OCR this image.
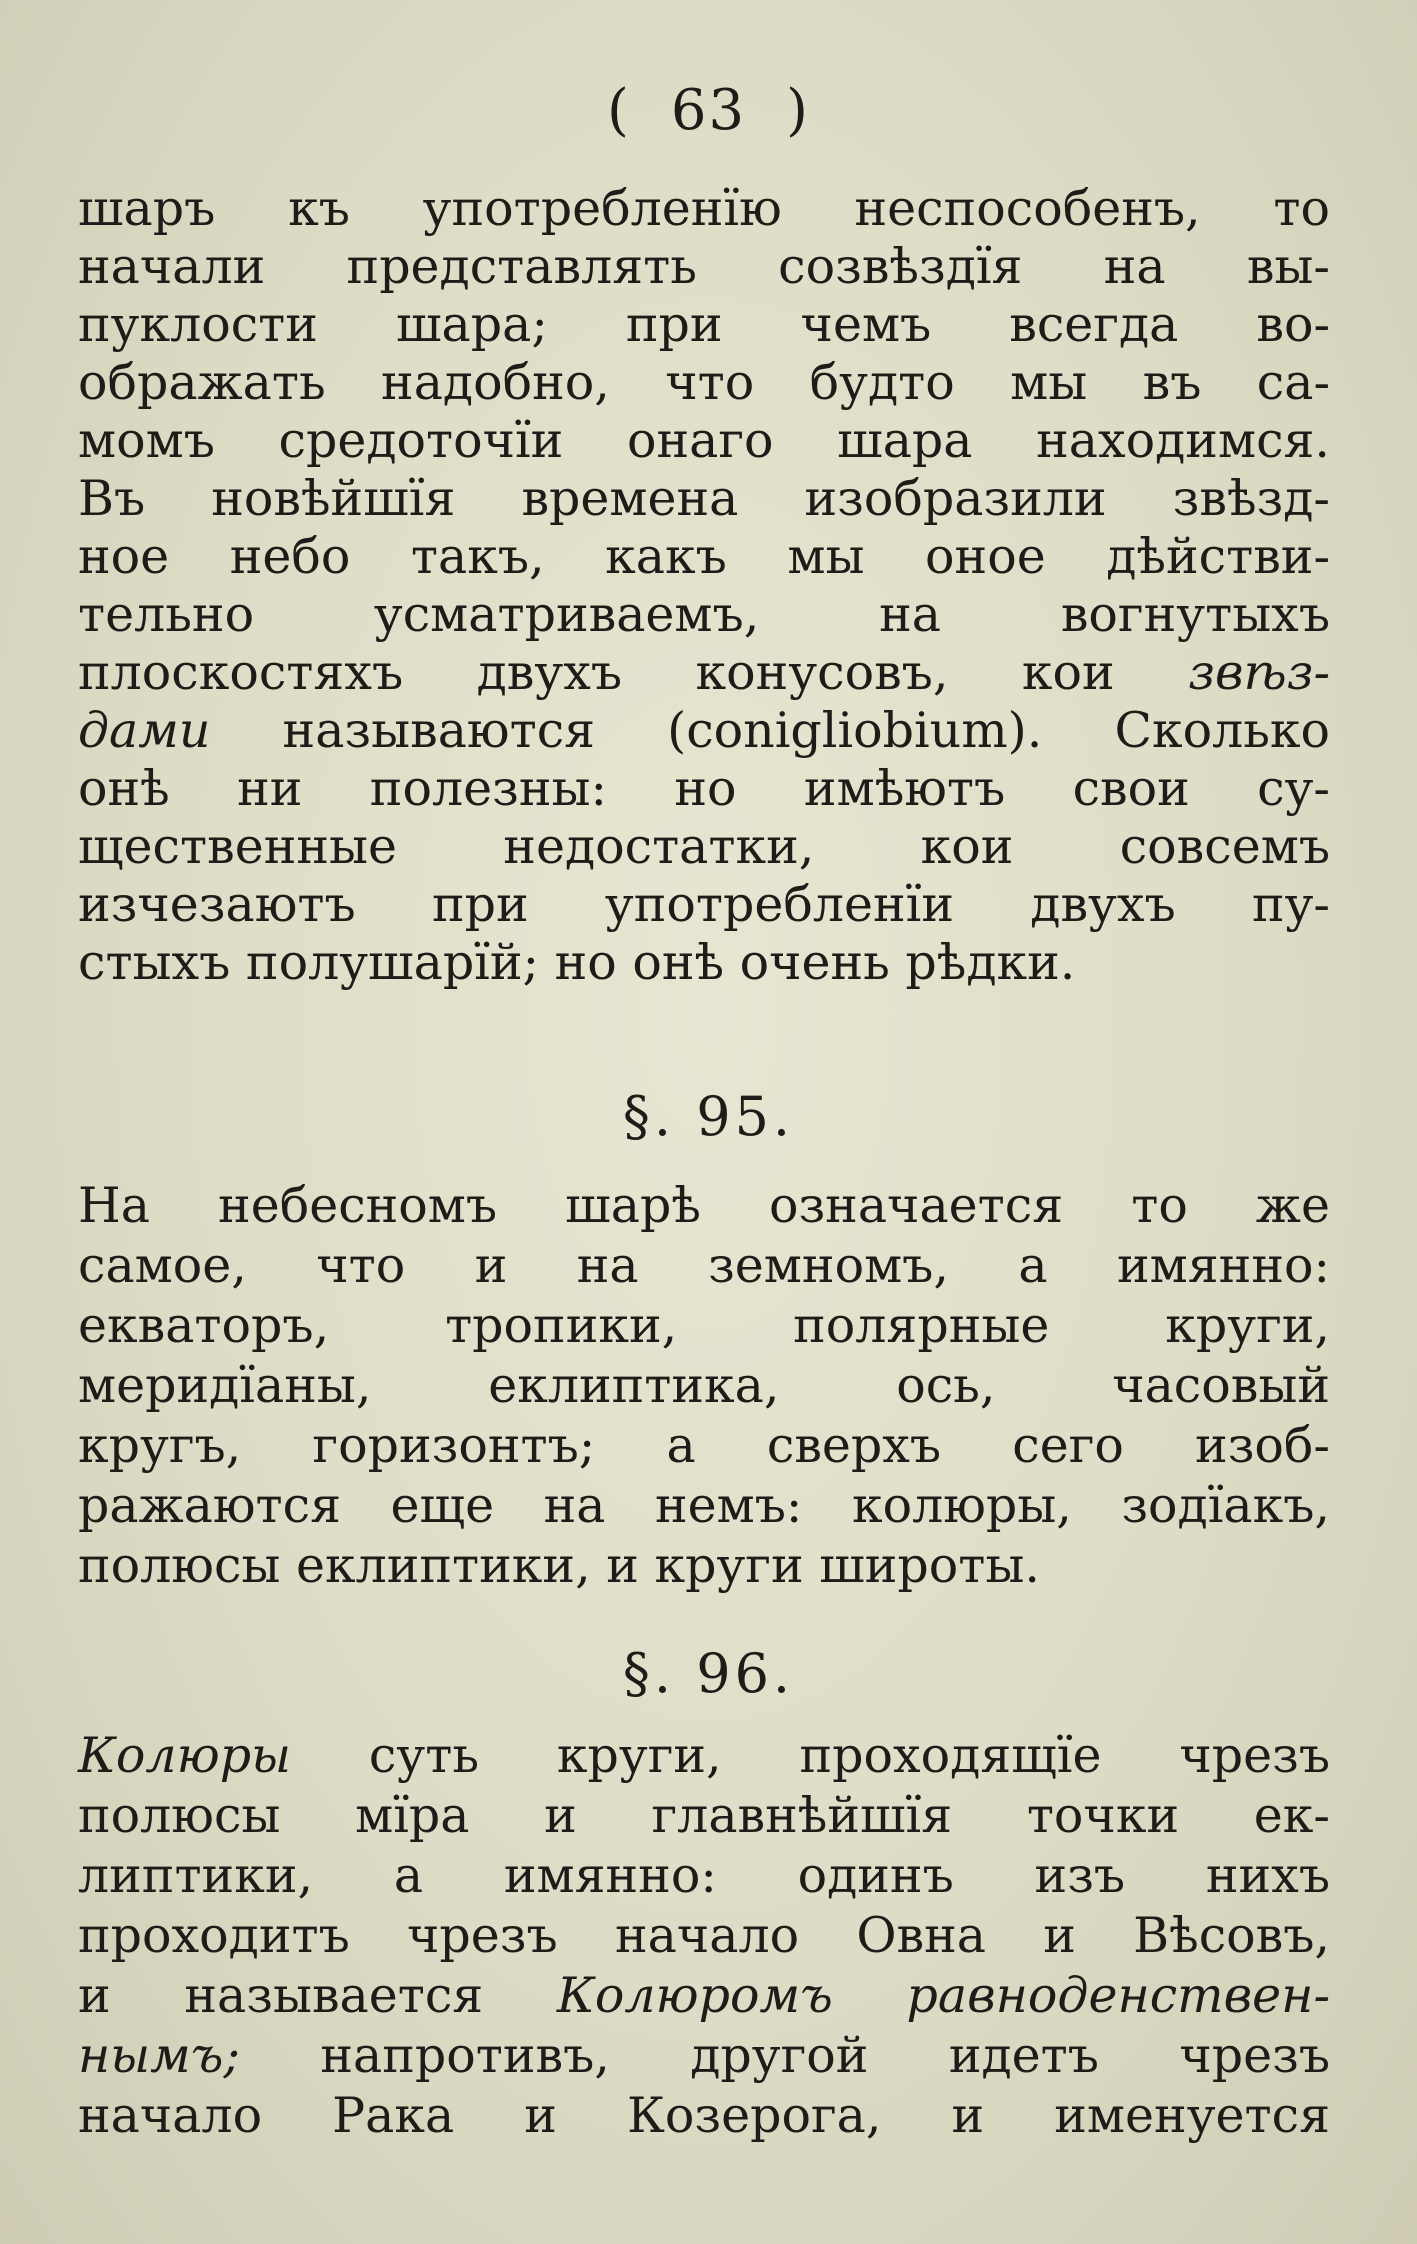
( 63 )
шаръ къ употребленїю неспособенъ, то
начали представлять созвѣздїя на вы-
пуклости шара; при чемъ всегда во-
ображать надобно, что будто мы въ са-
момъ средоточїи онаго шара находимся.
Въ новѣйшїя времена изобразили звѣзд-
ное небо такъ, какъ мы оное дѣйстви-
тельно усматриваемъ, на вогнутыхъ
плоскостяхъ двухъ конусовъ, кои звѣз-
дами называются (conigliobium). Сколько
онѣ ни полезны: но имѣютъ свои су-
щественные недостатки, кои совсемъ
изчезаютъ при употребленїи двухъ пу-
стыхъ полушарїй; но онѣ очень рѣдки.
§. 95.
На небесномъ шарѣ означается то же
самое, что и на земномъ, а имянно:
екваторъ, тропики, полярные круги,
меридїаны, еклиптика, ось, часовый
кругъ, горизонтъ; а сверхъ сего изоб-
ражаются еще на немъ: колюры, зодїакъ,
полюсы еклиптики, и круги широты.
§. 96.
Колюры суть круги, проходящїе чрезъ
полюсы мїра и главнѣйшїя точки ек-
липтики, а имянно: одинъ изъ нихъ
проходитъ чрезъ начало Овна и Вѣсовъ,
и называется Колюромъ равноденствен-
нымъ; напротивъ, другой идетъ чрезъ
начало Рака и Козерога, и именуется
